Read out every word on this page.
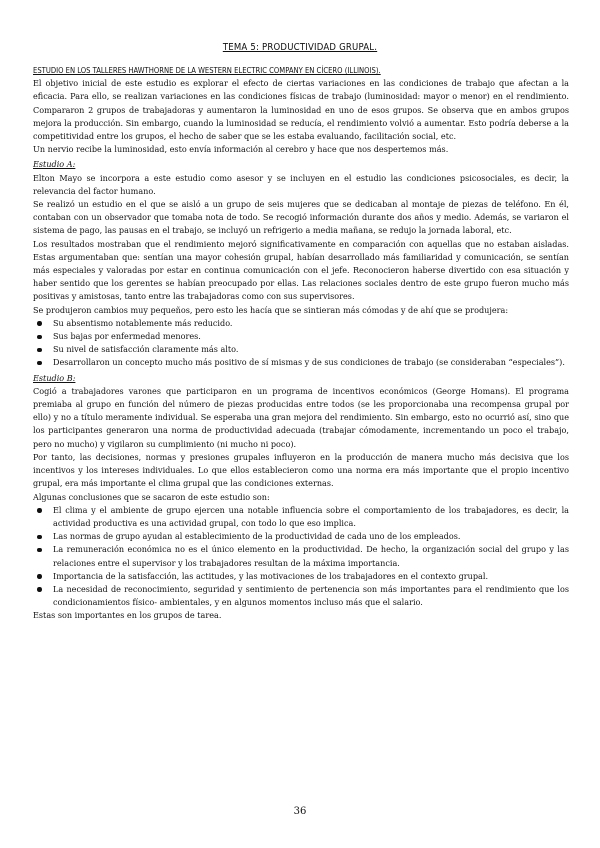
TEMA 5: PRODUCTIVIDAD GRUPAL.

ESTUDIO EN LOS TALLERES HAWTHORNE DE LA WESTERN ELECTRIC COMPANY EN CÍCERO (ILLINOIS).

El objetivo inicial de este estudio es explorar el efecto de ciertas variaciones en las condiciones de trabajo que afectan a la eficacia. Para ello, se realizan variaciones en las condiciones físicas de trabajo (luminosidad: mayor o menor) en el rendimiento. Compararon 2 grupos de trabajadoras y aumentaron la luminosidad en uno de esos grupos. Se observa que en ambos grupos mejora la producción. Sin embargo, cuando la luminosidad se reducía, el rendimiento volvió a aumentar. Esto podría deberse a la competitividad entre los grupos, el hecho de saber que se les estaba evaluando, facilitación social, etc.

Un nervio recibe la luminosidad, esto envía información al cerebro y hace que nos despertemos más.

Estudio A:

Elton Mayo se incorpora a este estudio como asesor y se incluyen en el estudio las condiciones psicosociales, es decir, la relevancia del factor humano.

Se realizó un estudio en el que se aisló a un grupo de seis mujeres que se dedicaban al montaje de piezas de teléfono. En él, contaban con un observador que tomaba nota de todo. Se recogió información durante dos años y medio. Además, se variaron el sistema de pago, las pausas en el trabajo, se incluyó un refrigerio a media mañana, se redujo la jornada laboral, etc.

Los resultados mostraban que el rendimiento mejoró significativamente en comparación con aquellas que no estaban aisladas. Estas argumentaban que: sentían una mayor cohesión grupal, habían desarrollado más familiaridad y comunicación, se sentían más especiales y valoradas por estar en continua comunicación con el jefe. Reconocieron haberse divertido con esa situación y haber sentido que los gerentes se habían preocupado por ellas. Las relaciones sociales dentro de este grupo fueron mucho más positivas y amistosas, tanto entre las trabajadoras como con sus supervisores.

Se produjeron cambios muy pequeños, pero esto les hacía que se sintieran más cómodas y de ahí que se produjera:

Su absentismo notablemente más reducido.
Sus bajas por enfermedad menores.
Su nivel de satisfacción claramente más alto.
Desarrollaron un concepto mucho más positivo de sí mismas y de sus condiciones de trabajo (se consideraban “especiales”).

Estudio B:

Cogió a trabajadores varones que participaron en un programa de incentivos económicos (George Homans). El programa premiaba al grupo en función del número de piezas producidas entre todos (se les proporcionaba una recompensa grupal por ello) y no a título meramente individual. Se esperaba una gran mejora del rendimiento. Sin embargo, esto no ocurrió así, sino que los participantes generaron una norma de productividad adecuada (trabajar cómodamente, incrementando un poco el trabajo, pero no mucho) y vigilaron su cumplimiento (ni mucho ni poco).

Por tanto, las decisiones, normas y presiones grupales influyeron en la producción de manera mucho más decisiva que los incentivos y los intereses individuales. Lo que ellos establecieron como una norma era más importante que el propio incentivo grupal, era más importante el clima grupal que las condiciones externas.

Algunas conclusiones que se sacaron de este estudio son:

El clima y el ambiente de grupo ejercen una notable influencia sobre el comportamiento de los trabajadores, es decir, la actividad productiva es una actividad grupal, con todo lo que eso implica.
Las normas de grupo ayudan al establecimiento de la productividad de cada uno de los empleados.
La remuneración económica no es el único elemento en la productividad. De hecho, la organización social del grupo y las relaciones entre el supervisor y los trabajadores resultan de la máxima importancia.
Importancia de la satisfacción, las actitudes, y las motivaciones de los trabajadores en el contexto grupal.
La necesidad de reconocimiento, seguridad y sentimiento de pertenencia son más importantes para el rendimiento que los condicionamientos físico- ambientales, y en algunos momentos incluso más que el salario.

Estas son importantes en los grupos de tarea.

36
